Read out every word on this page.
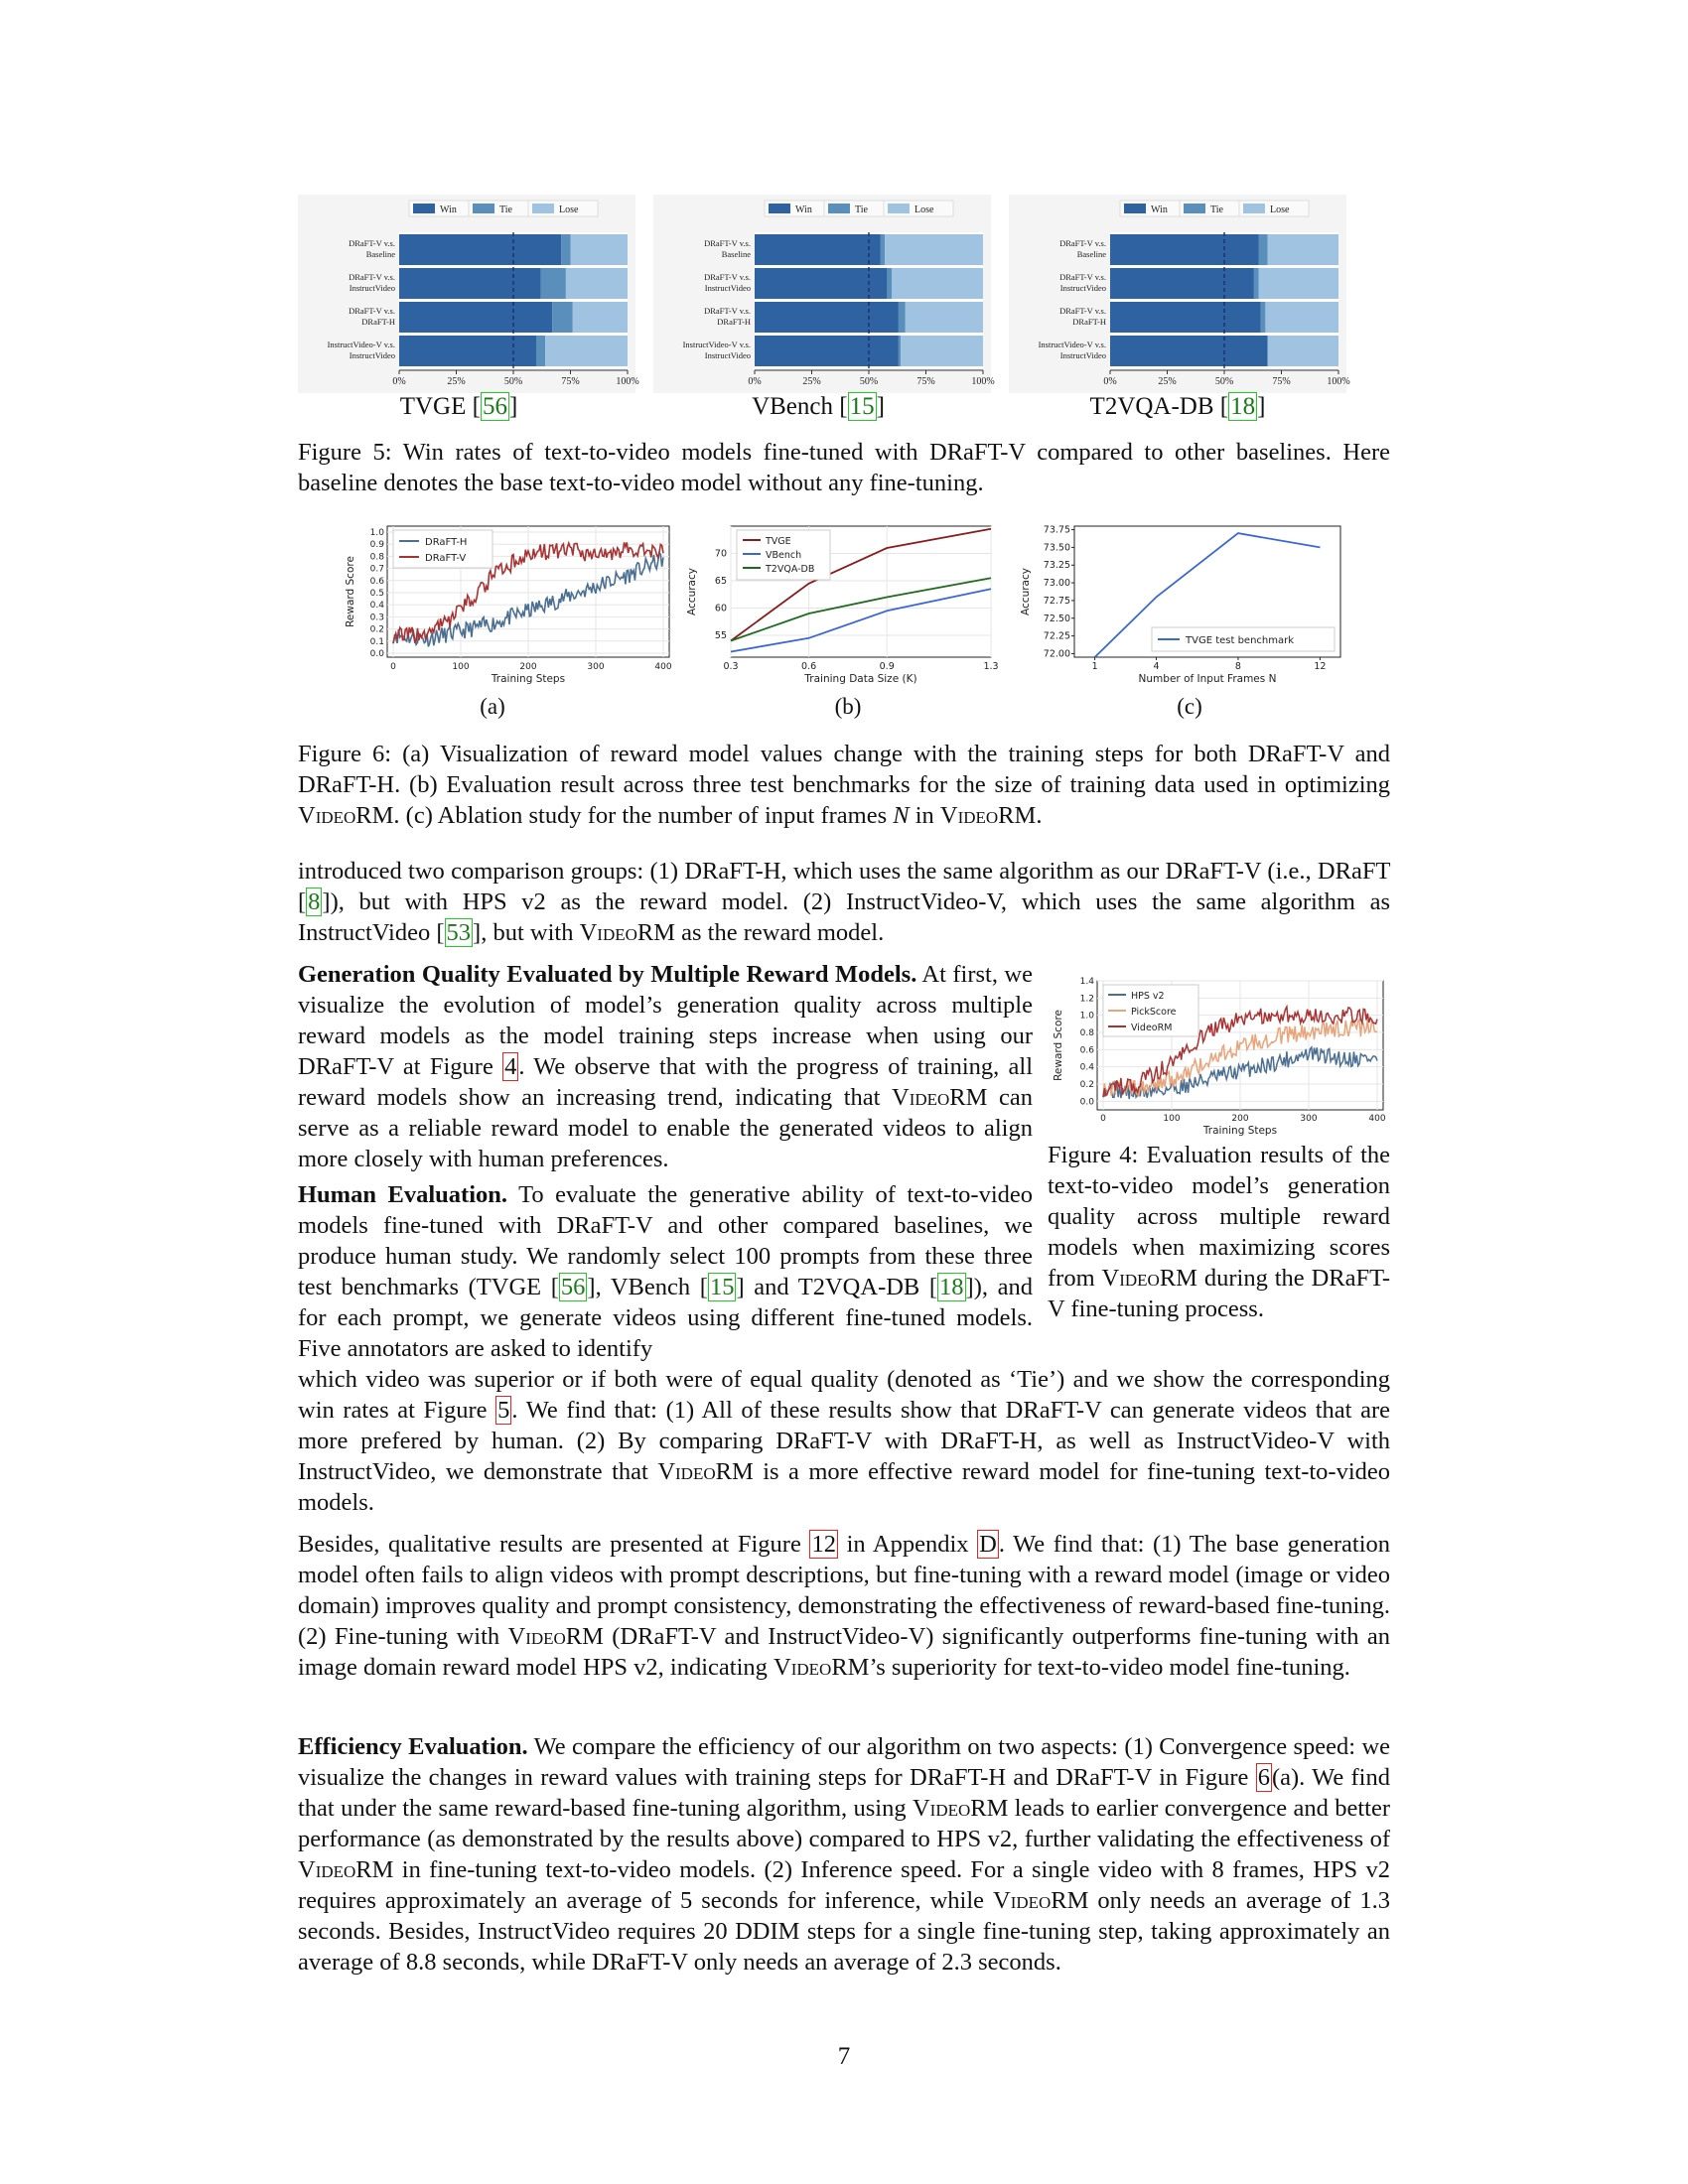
Win	Tie	Lose
DRaFT-V v.s.
Baseline
DRaFT-V v.s.
InstructVideo
DRaFT-V v.s.
DRaFT-H
InstructVideo-V v.s.
InstructVideo
0%	25%	50%	75%	100%
Win	Tie	Lose
DRaFT-V v.s.
Baseline
DRaFT-V v.s.
InstructVideo
DRaFT-V v.s.
DRaFT-H
InstructVideo-V v.s.
InstructVideo
0%	25%	50%	75%	100%
Win	Tie	Lose
DRaFT-V v.s.
Baseline
DRaFT-V v.s.
InstructVideo
DRaFT-V v.s.
DRaFT-H
InstructVideo-V v.s.
InstructVideo
0%	25%	50%	75%	100%
TVGE [56]	VBench [15]	T2VQA-DB [18]
Figure 5: Win rates of text-to-video models fine-tuned with DRaFT-V compared to other baselines. Here baseline denotes the base text-to-video model without any fine-tuning.
0.0
0.1
0.2
0.3
0.4
0.5
0.6
0.7
0.8
0.9
1.0
0	100	200	300	400
DRaFT-H
DRaFT-V
Training Steps
Reward Score
55
60
65
70
0.3	0.6	0.9	1.3
TVGE
VBench
T2VQA-DB
Training Data Size (K)
Accuracy
72.00
72.25
72.50
72.75
73.00
73.25
73.50
73.75
1	4	8	12
TVGE test benchmark
Number of Input Frames N
Accuracy
(a)	(b)	(c)
Figure 6: (a) Visualization of reward model values change with the training steps for both DRaFT-V and DRaFT-H. (b) Evaluation result across three test benchmarks for the size of training data used in optimizing VideoRM. (c) Ablation study for the number of input frames N in VideoRM.

introduced two comparison groups: (1) DRaFT-H, which uses the same algorithm as our DRaFT-V (i.e., DRaFT [8]), but with HPS v2 as the reward model. (2) InstructVideo-V, which uses the same algorithm as InstructVideo [53], but with VideoRM as the reward model.

Generation Quality Evaluated by Multiple Reward Models. At first, we visualize the evolution of model’s generation quality across multiple reward models as the model training steps increase when using our DRaFT-V at Figure 4. We observe that with the progress of training, all reward models show an increasing trend, indicating that VideoRM can serve as a reliable reward model to enable the generated videos to align more closely with human preferences.

0.0
0.2
0.4
0.6
0.8
1.0
1.2
1.4
0	100	200	300	400
HPS v2
PickScore
VideoRM
Training Steps
Reward Score
Figure 4: Evaluation results of the text-to-video model’s generation quality across multiple reward models when maximizing scores from VideoRM during the DRaFT-V fine-tuning process.

Human Evaluation. To evaluate the generative ability of text-to-video models fine-tuned with DRaFT-V and other compared baselines, we produce human study. We randomly select 100 prompts from these three test benchmarks (TVGE [56], VBench [15] and T2VQA-DB [18]), and for each prompt, we generate videos using different fine-tuned models. Five annotators are asked to identify

which video was superior or if both were of equal quality (denoted as ‘Tie’) and we show the corresponding win rates at Figure 5. We find that: (1) All of these results show that DRaFT-V can generate videos that are more prefered by human. (2) By comparing DRaFT-V with DRaFT-H, as well as InstructVideo-V with InstructVideo, we demonstrate that VideoRM is a more effective reward model for fine-tuning text-to-video models.

Besides, qualitative results are presented at Figure 12 in Appendix D. We find that: (1) The base generation model often fails to align videos with prompt descriptions, but fine-tuning with a reward model (image or video domain) improves quality and prompt consistency, demonstrating the effectiveness of reward-based fine-tuning. (2) Fine-tuning with VideoRM (DRaFT-V and InstructVideo-V) significantly outperforms fine-tuning with an image domain reward model HPS v2, indicating VideoRM’s superiority for text-to-video model fine-tuning.

Efficiency Evaluation. We compare the efficiency of our algorithm on two aspects: (1) Convergence speed: we visualize the changes in reward values with training steps for DRaFT-H and DRaFT-V in Figure 6(a). We find that under the same reward-based fine-tuning algorithm, using VideoRM leads to earlier convergence and better performance (as demonstrated by the results above) compared to HPS v2, further validating the effectiveness of VideoRM in fine-tuning text-to-video models. (2) Inference speed. For a single video with 8 frames, HPS v2 requires approximately an average of 5 seconds for inference, while VideoRM only needs an average of 1.3 seconds. Besides, InstructVideo requires 20 DDIM steps for a single fine-tuning step, taking approximately an average of 8.8 seconds, while DRaFT-V only needs an average of 2.3 seconds.

7
